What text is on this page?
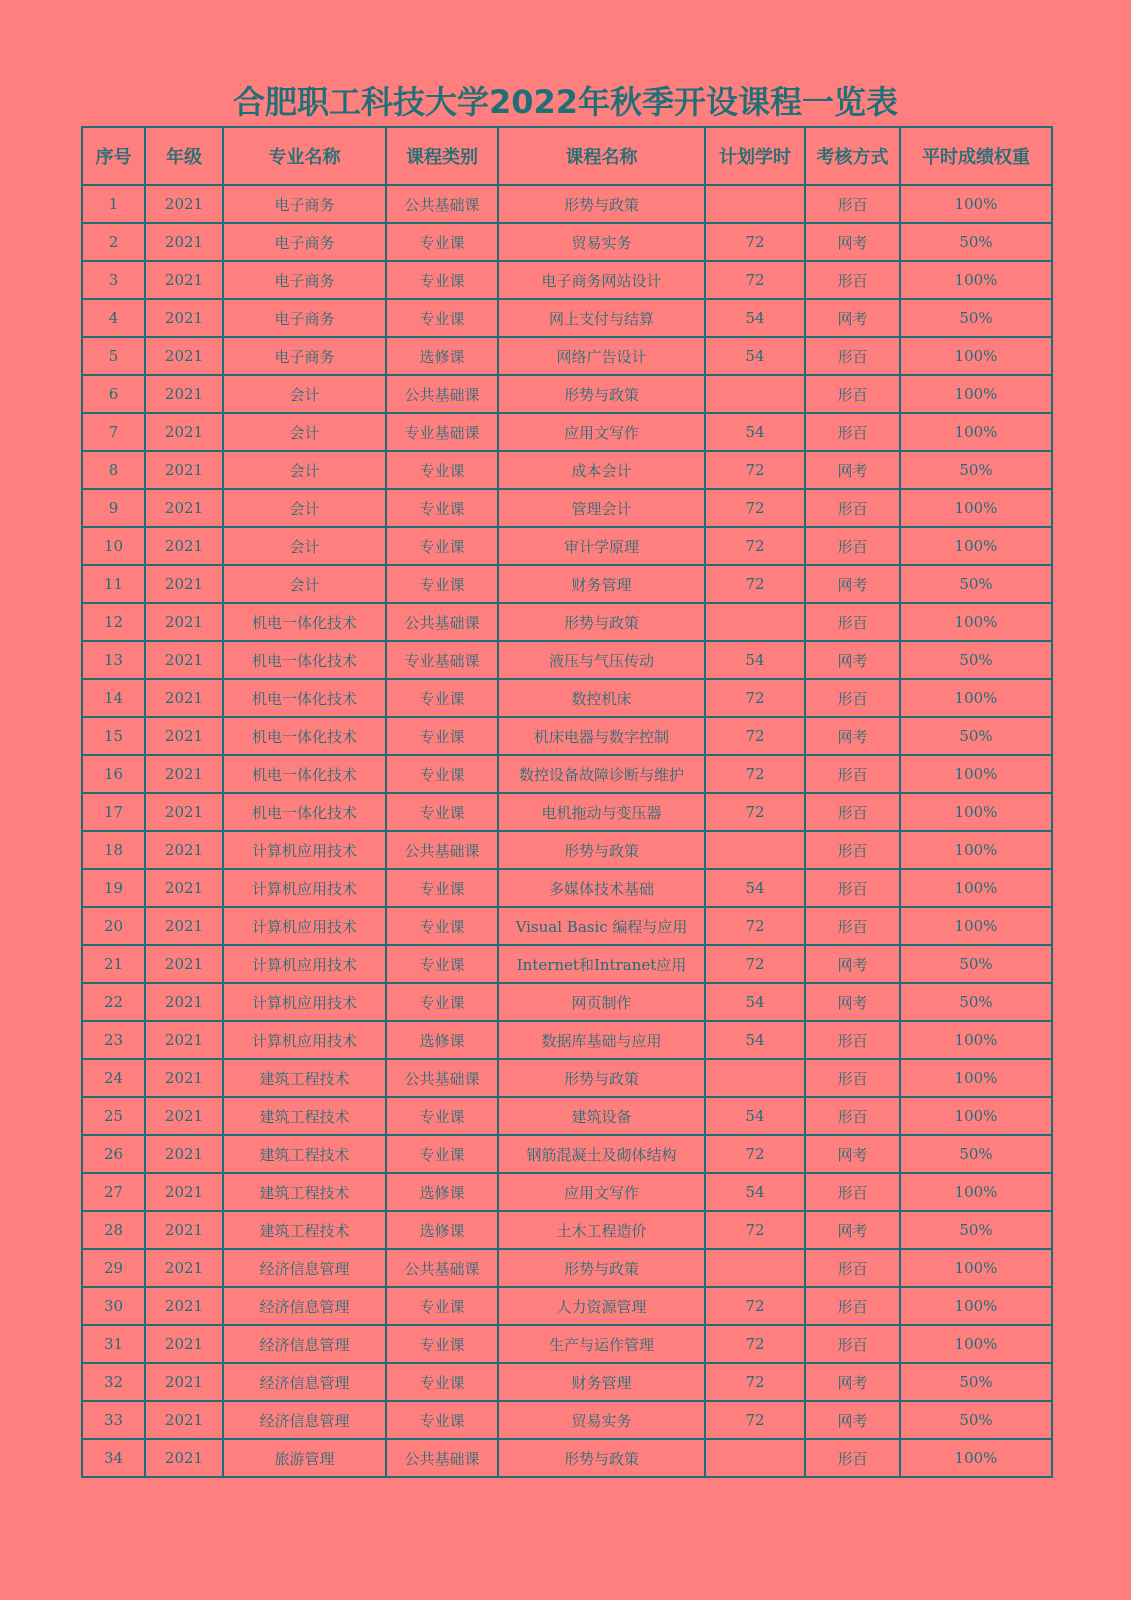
合肥职工科技大学2022年秋季开设课程一览表
序号	年级	专业名称	课程类别	课程名称	计划学时	考核方式	平时成绩权重
1	2021	电子商务	公共基础课	形势与政策		形百	100%
2	2021	电子商务	专业课	贸易实务	72	网考	50%
3	2021	电子商务	专业课	电子商务网站设计	72	形百	100%
4	2021	电子商务	专业课	网上支付与结算	54	网考	50%
5	2021	电子商务	选修课	网络广告设计	54	形百	100%
6	2021	会计	公共基础课	形势与政策		形百	100%
7	2021	会计	专业基础课	应用文写作	54	形百	100%
8	2021	会计	专业课	成本会计	72	网考	50%
9	2021	会计	专业课	管理会计	72	形百	100%
10	2021	会计	专业课	审计学原理	72	形百	100%
11	2021	会计	专业课	财务管理	72	网考	50%
12	2021	机电一体化技术	公共基础课	形势与政策		形百	100%
13	2021	机电一体化技术	专业基础课	液压与气压传动	54	网考	50%
14	2021	机电一体化技术	专业课	数控机床	72	形百	100%
15	2021	机电一体化技术	专业课	机床电器与数字控制	72	网考	50%
16	2021	机电一体化技术	专业课	数控设备故障诊断与维护	72	形百	100%
17	2021	机电一体化技术	专业课	电机拖动与变压器	72	形百	100%
18	2021	计算机应用技术	公共基础课	形势与政策		形百	100%
19	2021	计算机应用技术	专业课	多媒体技术基础	54	形百	100%
20	2021	计算机应用技术	专业课	Visual Basic 编程与应用	72	形百	100%
21	2021	计算机应用技术	专业课	Internet和Intranet应用	72	网考	50%
22	2021	计算机应用技术	专业课	网页制作	54	网考	50%
23	2021	计算机应用技术	选修课	数据库基础与应用	54	形百	100%
24	2021	建筑工程技术	公共基础课	形势与政策		形百	100%
25	2021	建筑工程技术	专业课	建筑设备	54	形百	100%
26	2021	建筑工程技术	专业课	钢筋混凝土及砌体结构	72	网考	50%
27	2021	建筑工程技术	选修课	应用文写作	54	形百	100%
28	2021	建筑工程技术	选修课	土木工程造价	72	网考	50%
29	2021	经济信息管理	公共基础课	形势与政策		形百	100%
30	2021	经济信息管理	专业课	人力资源管理	72	形百	100%
31	2021	经济信息管理	专业课	生产与运作管理	72	形百	100%
32	2021	经济信息管理	专业课	财务管理	72	网考	50%
33	2021	经济信息管理	专业课	贸易实务	72	网考	50%
34	2021	旅游管理	公共基础课	形势与政策		形百	100%
